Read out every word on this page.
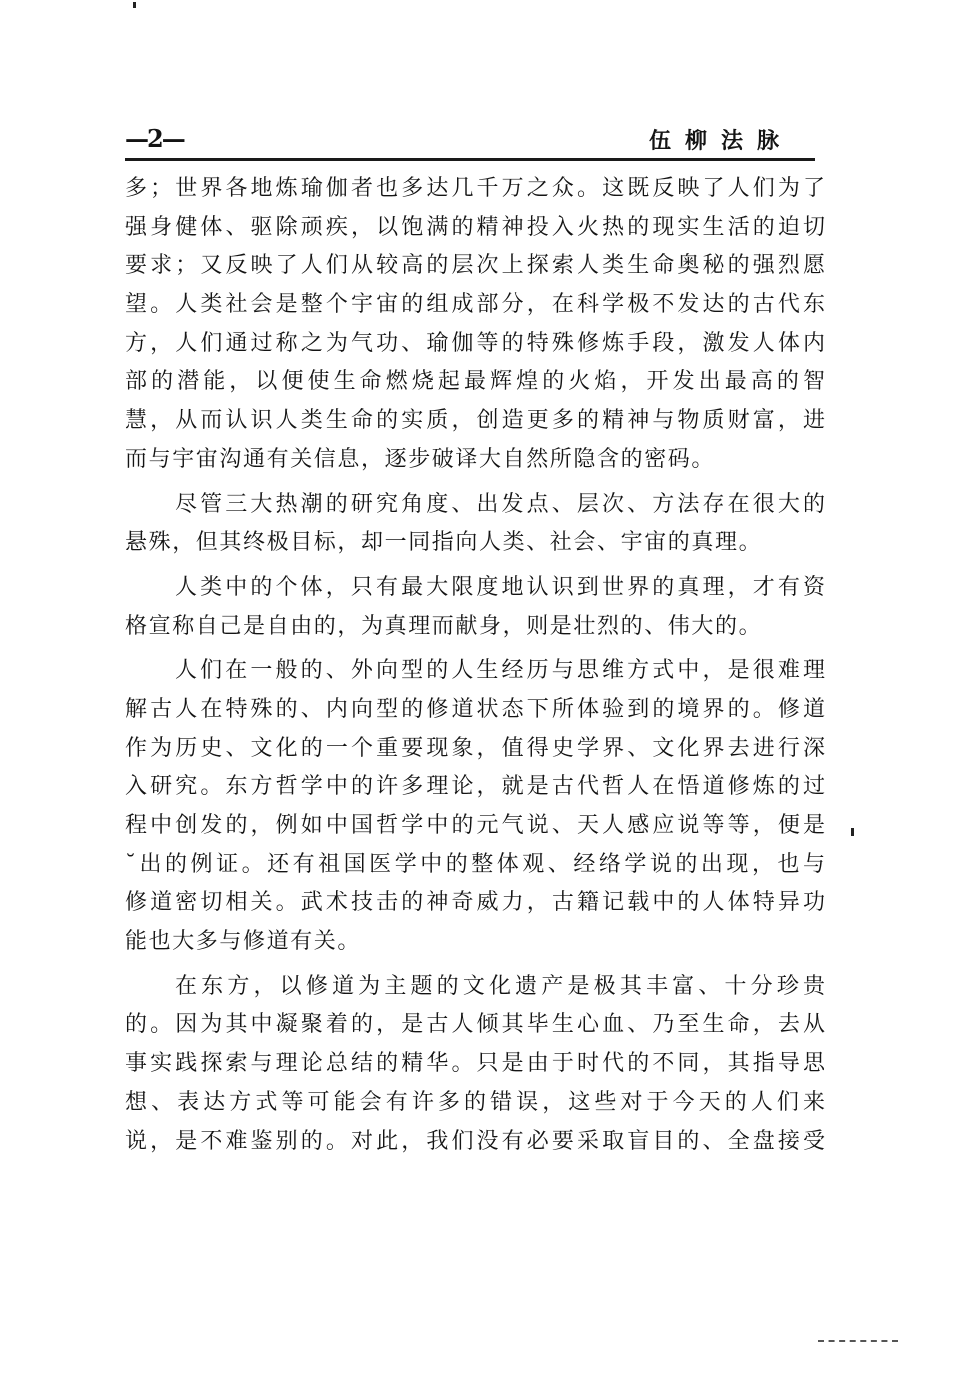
—2—	伍柳法脉
多；世界各地炼瑜伽者也多达几千万之众。这既反映了人们为了
强身健体、驱除顽疾，以饱满的精神投入火热的现实生活的迫切
要求；又反映了人们从较高的层次上探索人类生命奥秘的强烈愿
望。人类社会是整个宇宙的组成部分，在科学极不发达的古代东
方，人们通过称之为气功、瑜伽等的特殊修炼手段，激发人体内
部的潜能，以便使生命燃烧起最辉煌的火焰，开发出最高的智
慧，从而认识人类生命的实质，创造更多的精神与物质财富，进
而与宇宙沟通有关信息，逐步破译大自然所隐含的密码。
尽管三大热潮的研究角度、出发点、层次、方法存在很大的
悬殊，但其终极目标，却一同指向人类、社会、宇宙的真理。
人类中的个体，只有最大限度地认识到世界的真理，才有资
格宣称自己是自由的，为真理而献身，则是壮烈的、伟大的。
人们在一般的、外向型的人生经历与思维方式中，是很难理
解古人在特殊的、内向型的修道状态下所体验到的境界的。修道
作为历史、文化的一个重要现象，值得史学界、文化界去进行深
入研究。东方哲学中的许多理论，就是古代哲人在悟道修炼的过
程中创发的，例如中国哲学中的元气说、天人感应说等等，便是
˘出的例证。还有祖国医学中的整体观、经络学说的出现，也与
修道密切相关。武术技击的神奇威力，古籍记载中的人体特异功
能也大多与修道有关。
在东方，以修道为主题的文化遗产是极其丰富、十分珍贵
的。因为其中凝聚着的，是古人倾其毕生心血、乃至生命，去从
事实践探索与理论总结的精华。只是由于时代的不同，其指导思
想、表达方式等可能会有许多的错误，这些对于今天的人们来
说，是不难鉴别的。对此，我们没有必要采取盲目的、全盘接受
